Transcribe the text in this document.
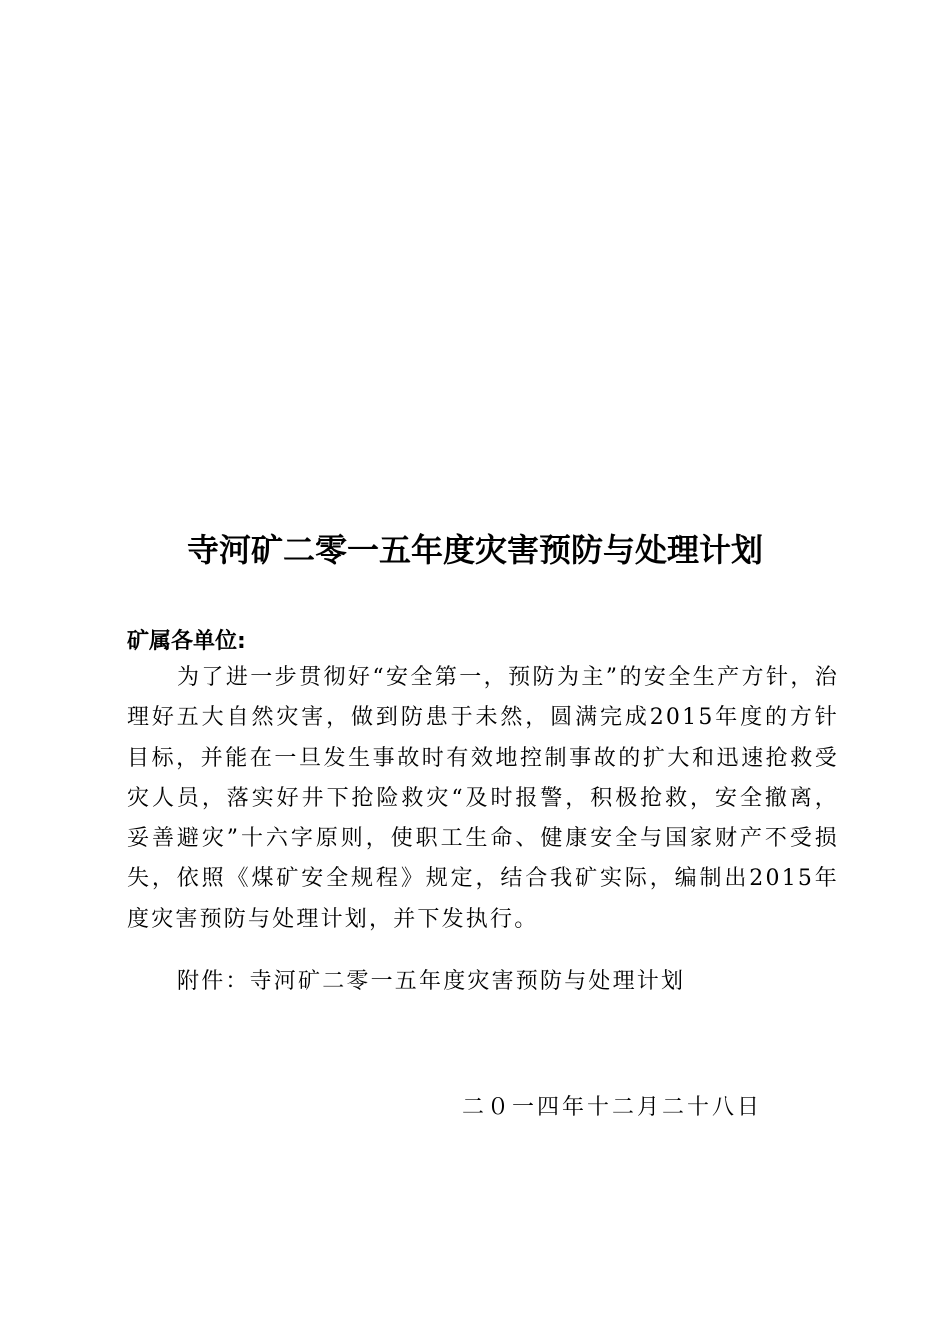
寺河矿二零一五年度灾害预防与处理计划

矿属各单位:

为了进一步贯彻好“安全第一，预防为主”的安全生产方针，治理好五大自然灾害，做到防患于未然，圆满完成2015年度的方针目标，并能在一旦发生事故时有效地控制事故的扩大和迅速抢救受灾人员，落实好井下抢险救灾“及时报警，积极抢救，安全撤离，妥善避灾”十六字原则，使职工生命、健康安全与国家财产不受损失，依照《煤矿安全规程》规定，结合我矿实际，编制出2015年度灾害预防与处理计划，并下发执行。

附件：寺河矿二零一五年度灾害预防与处理计划

二０一四年十二月二十八日
